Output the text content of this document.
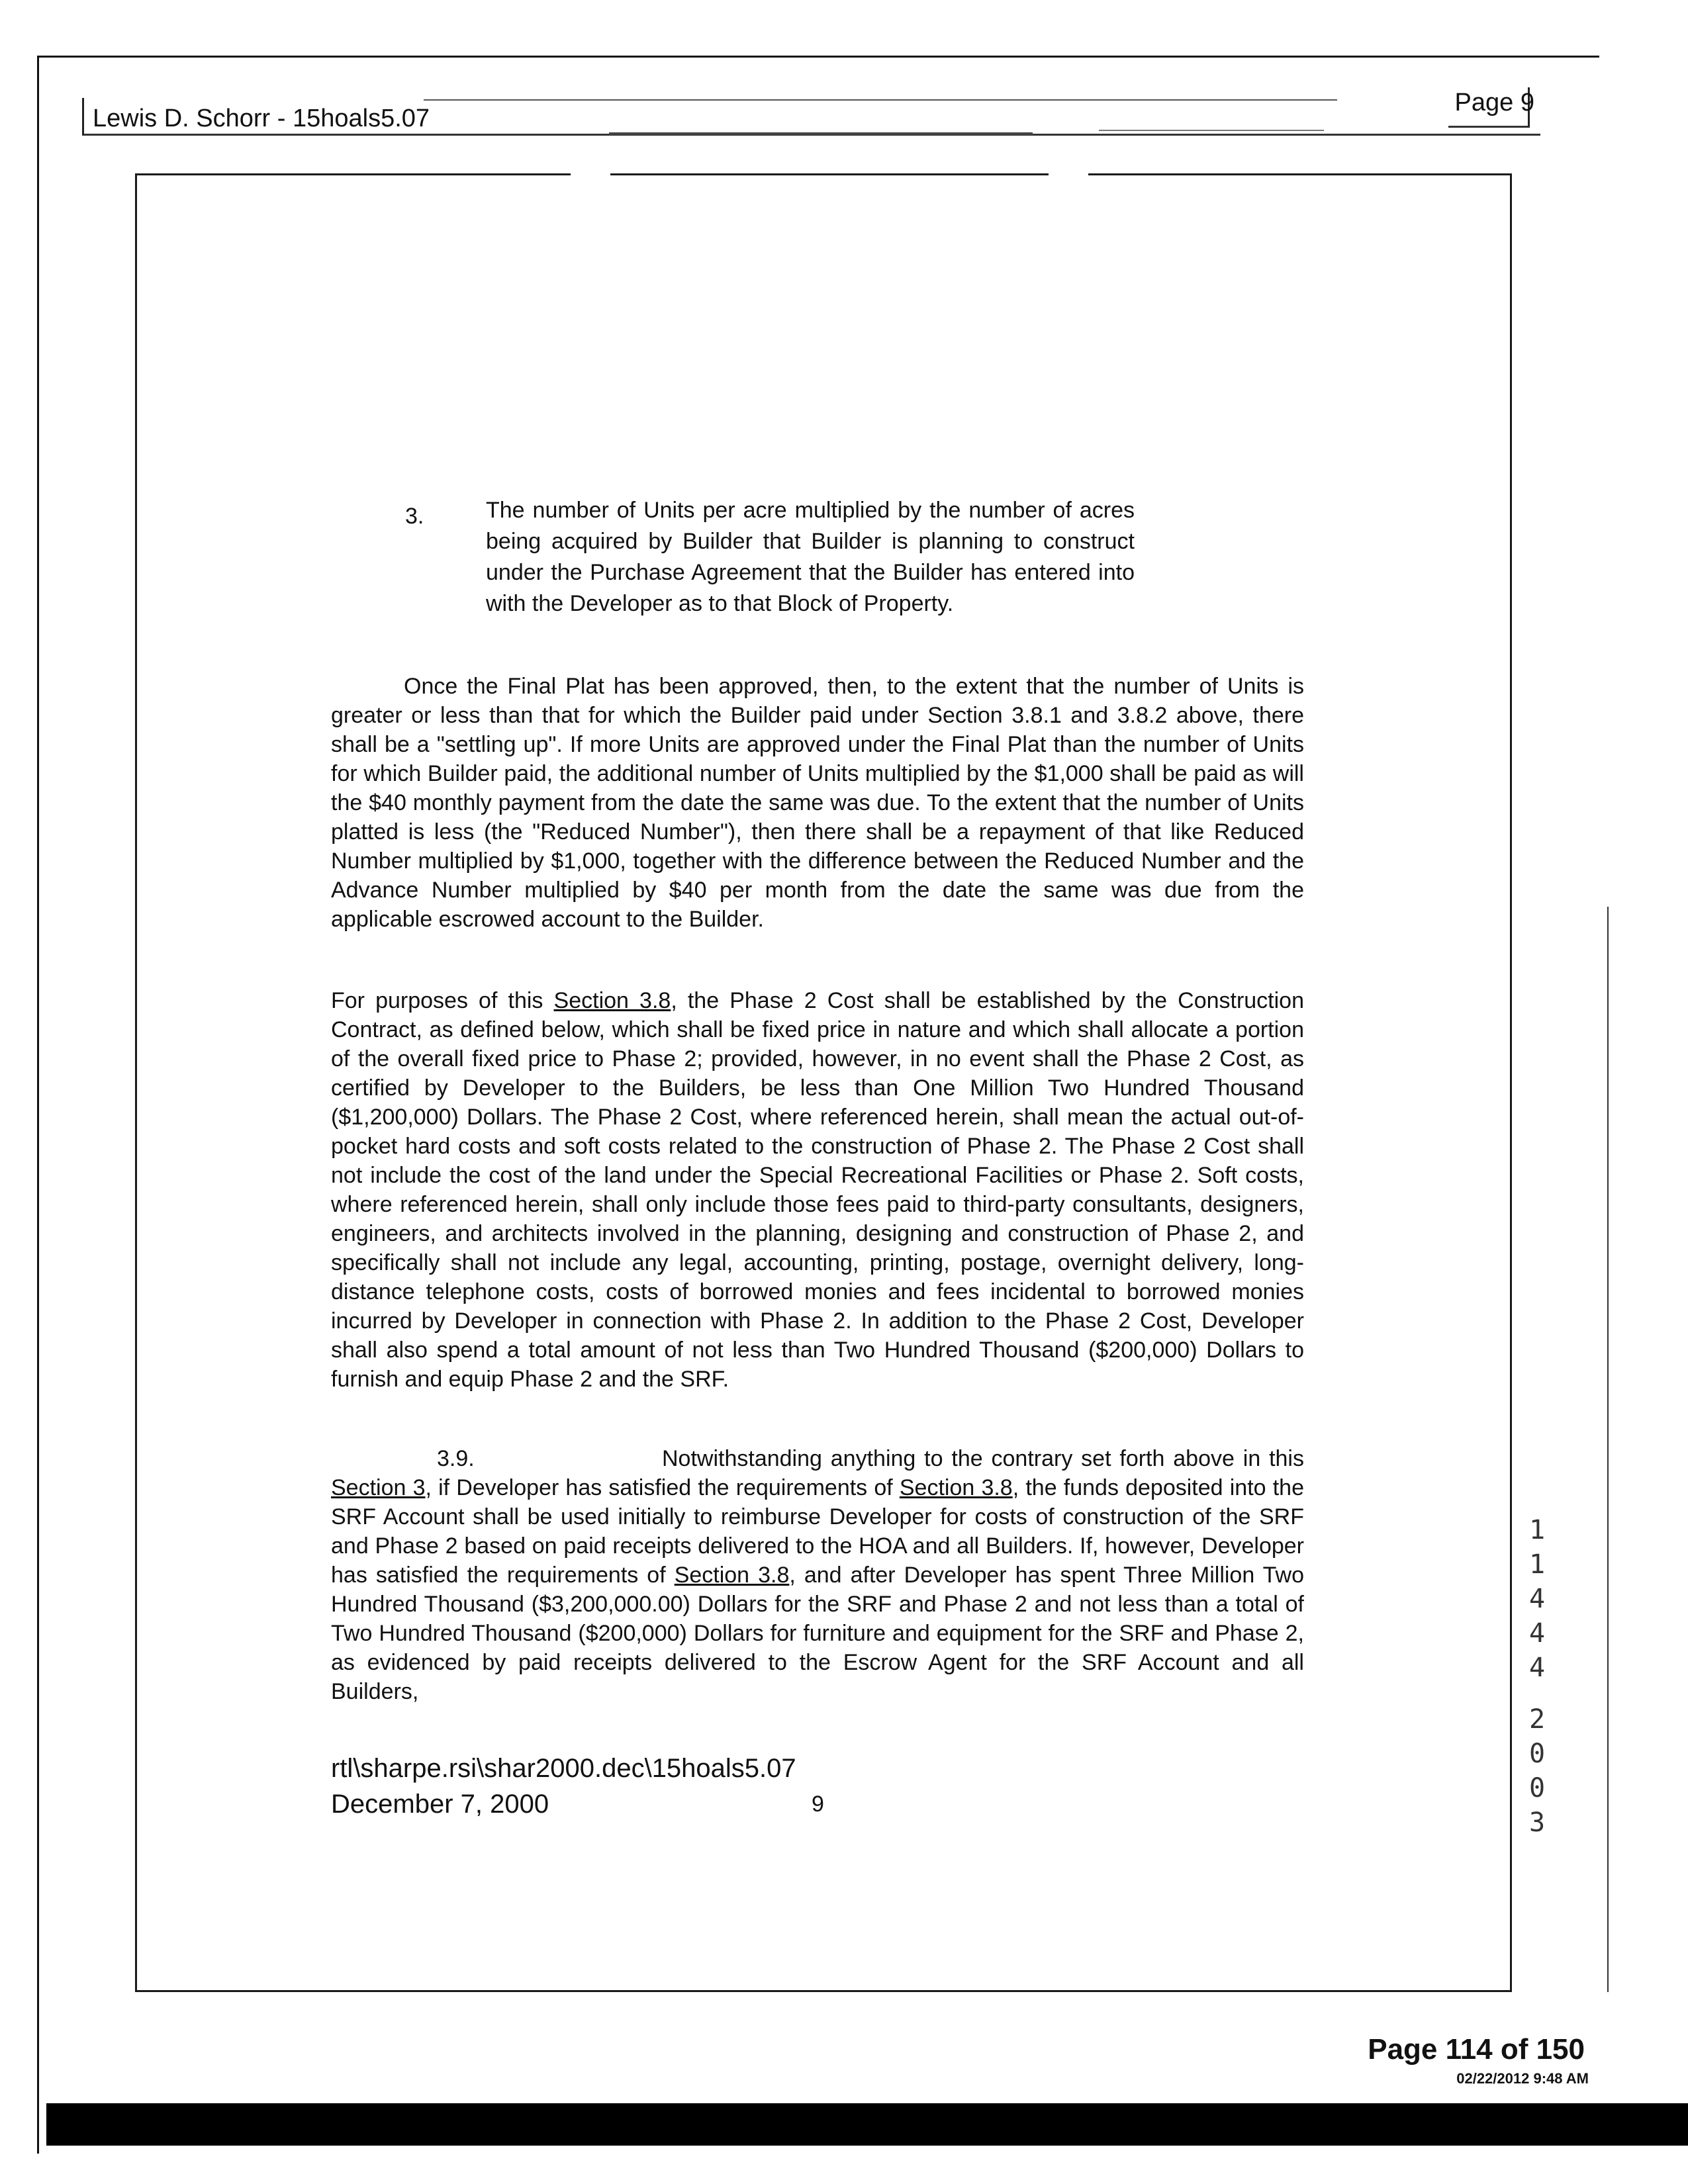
Lewis D. Schorr - 15hoals5.07
Page 9
3.	The number of Units per acre multiplied by the number of acres being acquired by Builder that Builder is planning to construct under the Purchase Agreement that the Builder has entered into with the Developer as to that Block of Property.

Once the Final Plat has been approved, then, to the extent that the number of Units is greater or less than that for which the Builder paid under Section 3.8.1 and 3.8.2 above, there shall be a "settling up". If more Units are approved under the Final Plat than the number of Units for which Builder paid, the additional number of Units multiplied by the $1,000 shall be paid as will the $40 monthly payment from the date the same was due. To the extent that the number of Units platted is less (the "Reduced Number"), then there shall be a repayment of that like Reduced Number multiplied by $1,000, together with the difference between the Reduced Number and the Advance Number multiplied by $40 per month from the date the same was due from the applicable escrowed account to the Builder.

For purposes of this Section 3.8, the Phase 2 Cost shall be established by the Construction Contract, as defined below, which shall be fixed price in nature and which shall allocate a portion of the overall fixed price to Phase 2; provided, however, in no event shall the Phase 2 Cost, as certified by Developer to the Builders, be less than One Million Two Hundred Thousand ($1,200,000) Dollars. The Phase 2 Cost, where referenced herein, shall mean the actual out-of-pocket hard costs and soft costs related to the construction of Phase 2. The Phase 2 Cost shall not include the cost of the land under the Special Recreational Facilities or Phase 2. Soft costs, where referenced herein, shall only include those fees paid to third-party consultants, designers, engineers, and architects involved in the planning, designing and construction of Phase 2, and specifically shall not include any legal, accounting, printing, postage, overnight delivery, long-distance telephone costs, costs of borrowed monies and fees incidental to borrowed monies incurred by Developer in connection with Phase 2. In addition to the Phase 2 Cost, Developer shall also spend a total amount of not less than Two Hundred Thousand ($200,000) Dollars to furnish and equip Phase 2 and the SRF.

3.9.	Notwithstanding anything to the contrary set forth above in this Section 3, if Developer has satisfied the requirements of Section 3.8, the funds deposited into the SRF Account shall be used initially to reimburse Developer for costs of construction of the SRF and Phase 2 based on paid receipts delivered to the HOA and all Builders. If, however, Developer has satisfied the requirements of Section 3.8, and after Developer has spent Three Million Two Hundred Thousand ($3,200,000.00) Dollars for the SRF and Phase 2 and not less than a total of Two Hundred Thousand ($200,000) Dollars for furniture and equipment for the SRF and Phase 2, as evidenced by paid receipts delivered to the Escrow Agent for the SRF Account and all Builders,

rtl\sharpe.rsi\shar2000.dec\15hoals5.07
December 7, 2000	9
1
1
4
4
4
2
0
0
3
Page 114 of 150
02/22/2012 9:48 AM
